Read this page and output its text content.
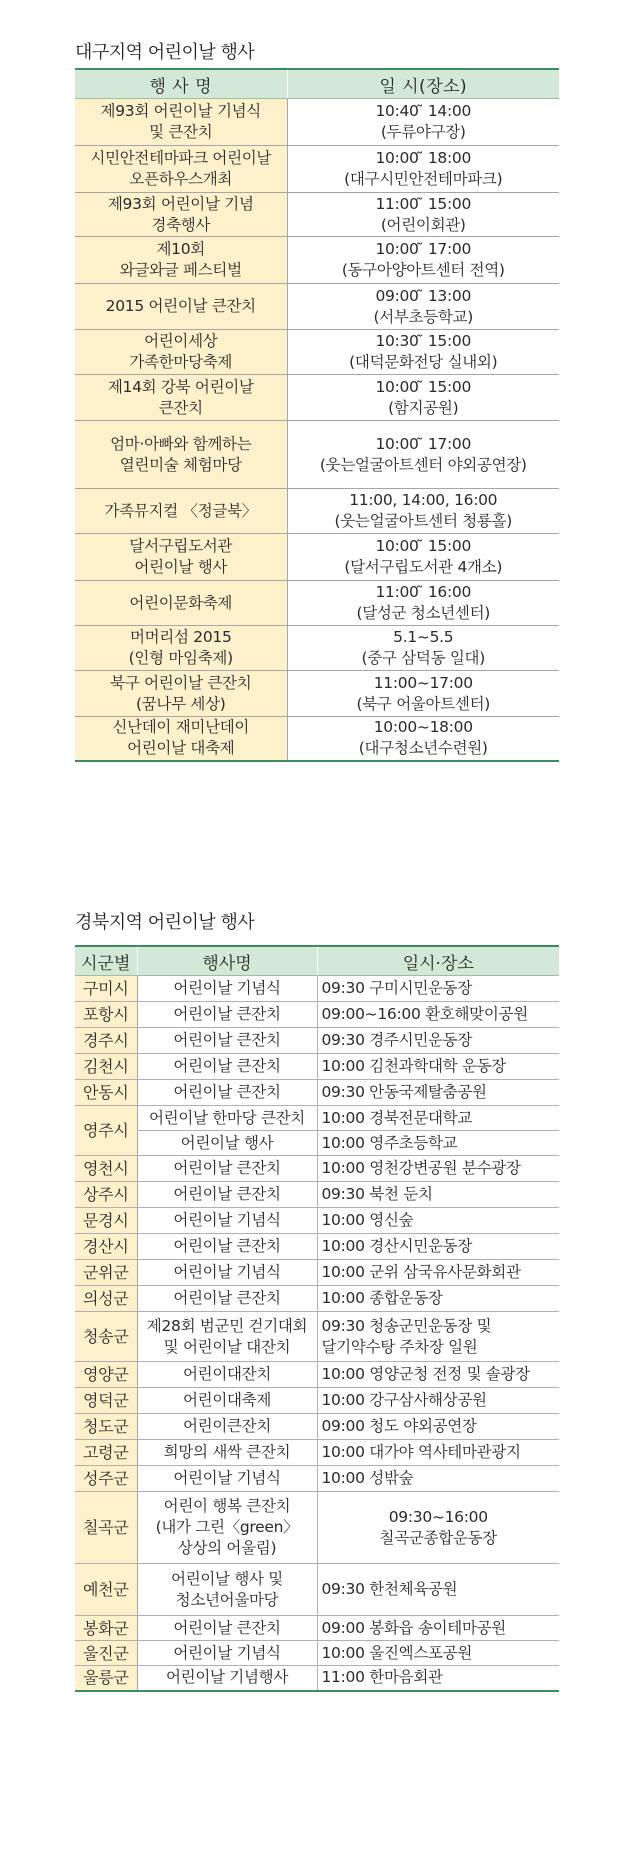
대구지역 어린이날 행사
행 사 명	일 시(장소)

제93회 어린이날 기념식
및 큰잔치	10:40 ̃ 14:00
(두류야구장)

시민안전테마파크 어린이날
오픈하우스개최	10:00 ̃ 18:00
(대구시민안전테마파크)

제93회 어린이날 기념
경축행사	11:00 ̃ 15:00
(어린이회관)

제10회
와글와글 페스티벌	10:00 ̃ 17:00
(동구아양아트센터 전역)

2015 어린이날 큰잔치	09:00 ̃ 13:00
(서부초등학교)

어린이세상
가족한마당축제	10:30 ̃ 15:00
(대덕문화전당 실내외)

제14회 강북 어린이날
큰잔치	10:00 ̃ 15:00
(함지공원)

엄마·아빠와 함께하는
열린미술 체험마당	10:00 ̃ 17:00
(웃는얼굴아트센터 야외공연장)

가족뮤지컬 〈정글북〉	11:00, 14:00, 16:00
(웃는얼굴아트센터 청룡홀)

달서구립도서관
어린이날 행사	10:00 ̃ 15:00
(달서구립도서관 4개소)

어린이문화축제	11:00 ̃ 16:00
(달성군 청소년센터)

머머리섬 2015
(인형 마임축제)	5.1~5.5
(중구 삼덕동 일대)

북구 어린이날 큰잔치
(꿈나무 세상)	11:00~17:00
(북구 어울아트센터)

신난데이 재미난데이
어린이날 대축제	10:00~18:00
(대구청소년수련원)
경북지역 어린이날 행사
시군별	행사명	일시·장소
구미시	어린이날 기념식	09:30 구미시민운동장

포항시	어린이날 큰잔치	09:00~16:00 환호해맞이공원

경주시	어린이날 큰잔치	09:30 경주시민운동장

김천시	어린이날 큰잔치	10:00 김천과학대학 운동장

안동시	어린이날 큰잔치	09:30 안동국제탈춤공원

영주시	어린이날 한마당 큰잔치	10:00 경북전문대학교

	어린이날 행사	10:00 영주초등학교

영천시	어린이날 큰잔치	10:00 영천강변공원 분수광장

상주시	어린이날 큰잔치	09:30 북천 둔치

문경시	어린이날 기념식	10:00 영신숲

경산시	어린이날 큰잔치	10:00 경산시민운동장

군위군	어린이날 기념식	10:00 군위 삼국유사문화회관

의성군	어린이날 큰잔치	10:00 종합운동장

청송군	제28회 범군민 걷기대회
및 어린이날 대잔치	09:30 청송군민운동장 및
달기약수탕 주차장 일원

영양군	어린이대잔치	10:00 영양군청 전정 및 솔광장

영덕군	어린이대축제	10:00 강구삼사해상공원

청도군	어린이큰잔치	09:00 청도 야외공연장

고령군	희망의 새싹 큰잔치	10:00 대가야 역사테마관광지

성주군	어린이날 기념식	10:00 성밖숲

칠곡군	어린이 행복 큰잔치
(내가 그린〈green〉
상상의 어울림)	09:30~16:00
칠곡군종합운동장

예천군	어린이날 행사 및
청소년어울마당	09:30 한천체육공원

봉화군	어린이날 큰잔치	09:00 봉화읍 송이테마공원

울진군	어린이날 기념식	10:00 울진엑스포공원

울릉군	어린이날 기념행사	11:00 한마음회관
